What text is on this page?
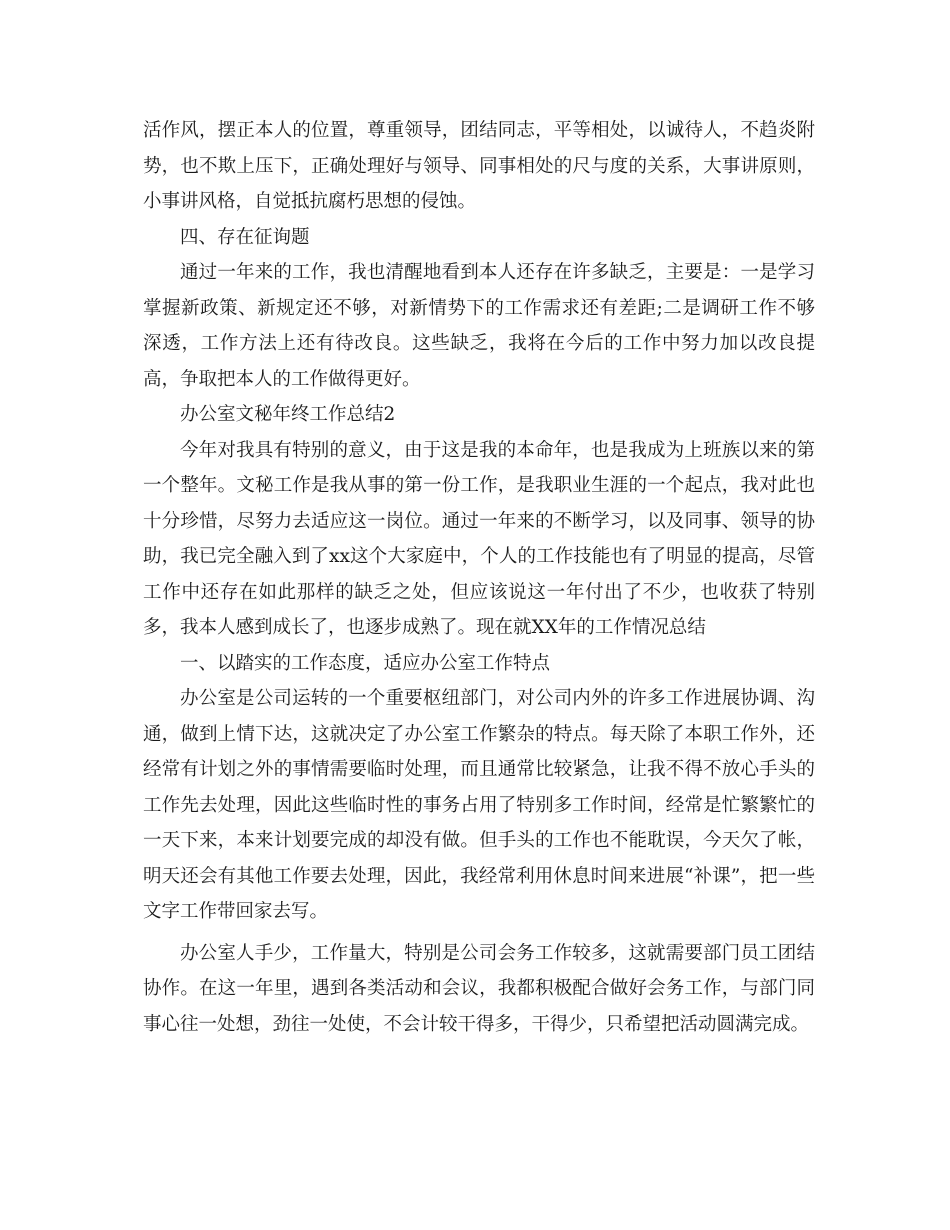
活作风，摆正本人的位置，尊重领导，团结同志，平等相处，以诚待人，不趋炎附势，也不欺上压下，正确处理好与领导、同事相处的尺与度的关系，大事讲原则，小事讲风格，自觉抵抗腐朽思想的侵蚀。

四、存在征询题

通过一年来的工作，我也清醒地看到本人还存在许多缺乏，主要是：一是学习掌握新政策、新规定还不够，对新情势下的工作需求还有差距;二是调研工作不够深透，工作方法上还有待改良。这些缺乏，我将在今后的工作中努力加以改良提高，争取把本人的工作做得更好。

办公室文秘年终工作总结2

今年对我具有特别的意义，由于这是我的本命年，也是我成为上班族以来的第一个整年。文秘工作是我从事的第一份工作，是我职业生涯的一个起点，我对此也十分珍惜，尽努力去适应这一岗位。通过一年来的不断学习，以及同事、领导的协助，我已完全融入到了xx这个大家庭中，个人的工作技能也有了明显的提高，尽管工作中还存在如此那样的缺乏之处，但应该说这一年付出了不少，也收获了特别多，我本人感到成长了，也逐步成熟了。现在就XX年的工作情况总结

一、以踏实的工作态度，适应办公室工作特点

办公室是公司运转的一个重要枢纽部门，对公司内外的许多工作进展协调、沟通，做到上情下达，这就决定了办公室工作繁杂的特点。每天除了本职工作外，还经常有计划之外的事情需要临时处理，而且通常比较紧急，让我不得不放心手头的工作先去处理，因此这些临时性的事务占用了特别多工作时间，经常是忙繁繁忙的一天下来，本来计划要完成的却没有做。但手头的工作也不能耽误，今天欠了帐，明天还会有其他工作要去处理，因此，我经常利用休息时间来进展“补课”，把一些文字工作带回家去写。

办公室人手少，工作量大，特别是公司会务工作较多，这就需要部门员工团结协作。在这一年里，遇到各类活动和会议，我都积极配合做好会务工作，与部门同事心往一处想，劲往一处使，不会计较干得多，干得少，只希望把活动圆满完成。
